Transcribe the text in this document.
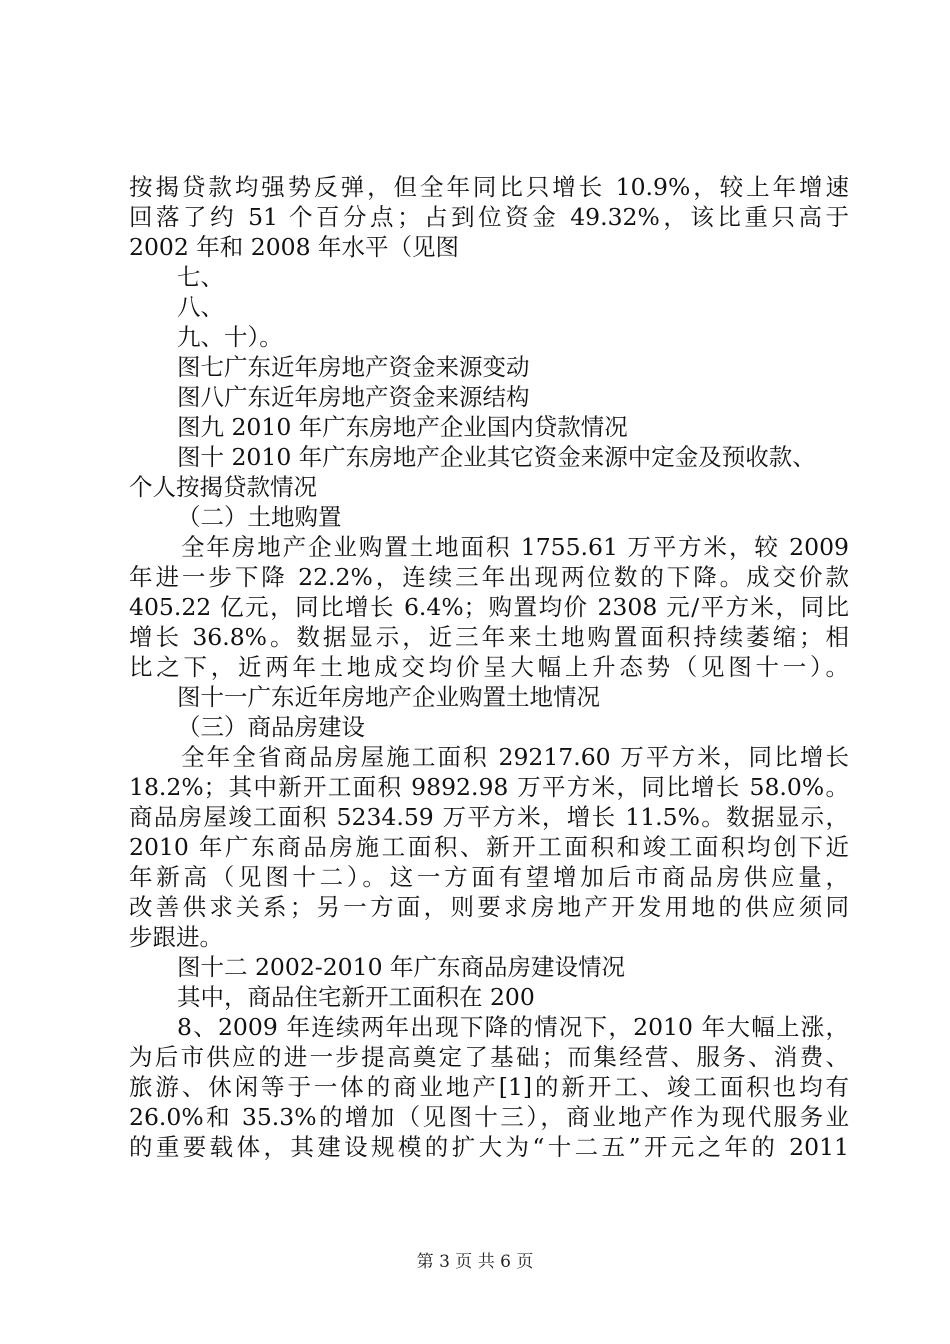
按揭贷款均强势反弹，但全年同比只增长 10.9%，较上年增速
回落了约 51 个百分点；占到位资金 49.32%，该比重只高于
2002 年和 2008 年水平（见图
七、
八、
九、十）。
图七广东近年房地产资金来源变动
图八广东近年房地产资金来源结构
图九 2010 年广东房地产企业国内贷款情况
图十 2010 年广东房地产企业其它资金来源中定金及预收款、
个人按揭贷款情况
（二）土地购置
全年房地产企业购置土地面积 1755.61 万平方米，较 2009
年进一步下降 22.2%，连续三年出现两位数的下降。成交价款
405.22 亿元，同比增长 6.4%；购置均价 2308 元/平方米，同比
增长 36.8%。数据显示，近三年来土地购置面积持续萎缩；相
比之下，近两年土地成交均价呈大幅上升态势（见图十一）。
图十一广东近年房地产企业购置土地情况
（三）商品房建设
全年全省商品房屋施工面积 29217.60 万平方米，同比增长
18.2%；其中新开工面积 9892.98 万平方米，同比增长 58.0%。
商品房屋竣工面积 5234.59 万平方米，增长 11.5%。数据显示，
2010 年广东商品房施工面积、新开工面积和竣工面积均创下近
年新高（见图十二）。这一方面有望增加后市商品房供应量，
改善供求关系；另一方面，则要求房地产开发用地的供应须同
步跟进。
图十二 2002-2010 年广东商品房建设情况
其中，商品住宅新开工面积在 200
8、2009 年连续两年出现下降的情况下，2010 年大幅上涨，
为后市供应的进一步提高奠定了基础；而集经营、服务、消费、
旅游、休闲等于一体的商业地产[1]的新开工、竣工面积也均有
26.0%和 35.3%的增加（见图十三），商业地产作为现代服务业
的重要载体，其建设规模的扩大为“十二五”开元之年的 2011
第 3 页 共 6 页
